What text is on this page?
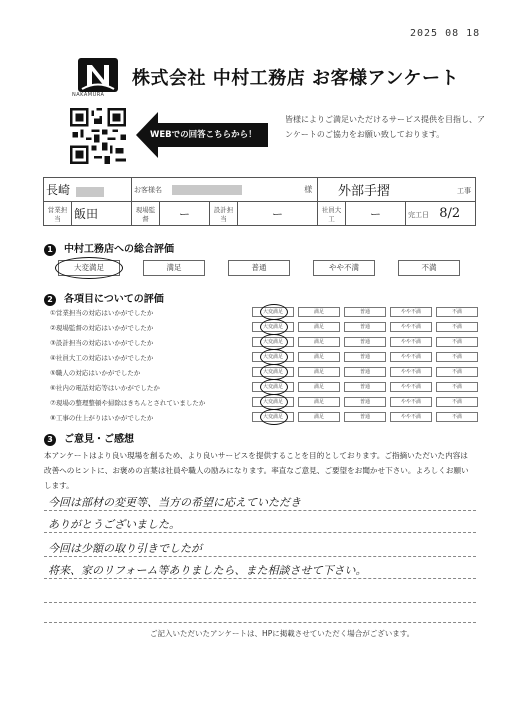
2025 08 18
NAKAMURA
株式会社 中村工務店 お客様アンケート
WEBでの回答こちらから！
皆様によりご満足いただけるサービス提供を目指し、アンケートのご協力をお願い致しております。
長崎		お客様名				様	外部手摺 工事		

営業担当	飯田	現場監督	ー	設計担当	ー		社員大工	ー	完工日 8/2
1 中村工務店への総合評価
大変満足	満足	普通	やや不満	不満
2 各項目についての評価
①営業担当の対応はいかがでしたか	大変満足	満足	普通	やや不満	不満
②現場監督の対応はいかがでしたか	大変満足	満足	普通	やや不満	不満
③設計担当の対応はいかがでしたか	大変満足	満足	普通	やや不満	不満
④社員大工の対応はいかがでしたか	大変満足	満足	普通	やや不満	不満
⑤職人の対応はいかがでしたか	大変満足	満足	普通	やや不満	不満
⑥社内の電話対応等はいかがでしたか	大変満足	満足	普通	やや不満	不満
⑦現場の整理整頓や掃除はきちんとされていましたか	大変満足	満足	普通	やや不満	不満
⑧工事の仕上がりはいかがでしたか	大変満足	満足	普通	やや不満	不満
3 ご意見・ご感想
本アンケートはより良い現場を創るため、より良いサービスを提供することを目的としております。ご指摘いただいた内容は改善へのヒントに、お褒めの言葉は社員や職人の励みになります。率直なご意見、ご要望をお聞かせ下さい。よろしくお願いします。
今回は部材の変更等、当方の希望に応えていただき
ありがとうございました。
今回は少額の取り引きでしたが
将来、家のリフォーム等ありましたら、また相談させて下さい。
ご記入いただいたアンケートは、HPに掲載させていただく場合がございます。
